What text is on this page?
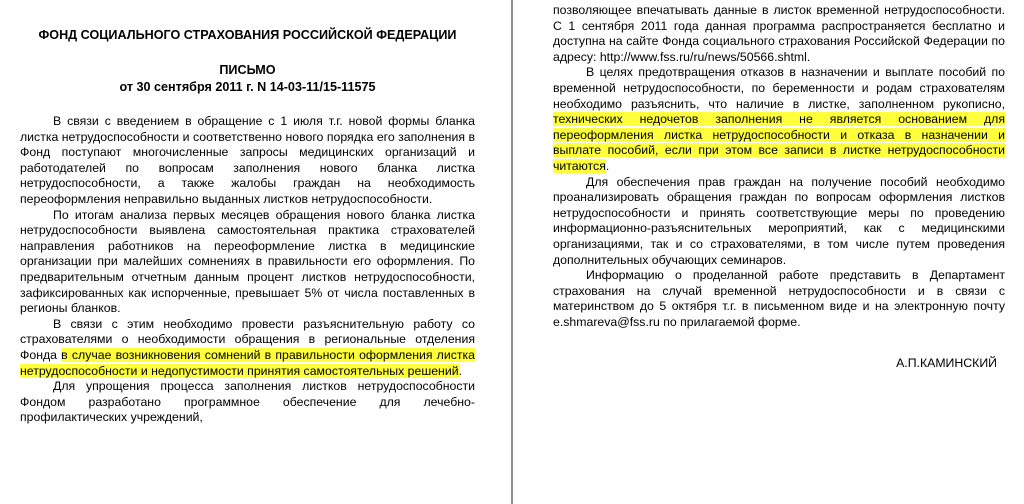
ФОНД СОЦИАЛЬНОГО СТРАХОВАНИЯ РОССИЙСКОЙ ФЕДЕРАЦИИ
ПИСЬМО
от 30 сентября 2011 г. N 14-03-11/15-11575

В связи с введением в обращение с 1 июля т.г. новой формы бланка листка нетрудоспособности и соответственно нового порядка его заполнения в Фонд поступают многочисленные запросы медицинских организаций и работодателей по вопросам заполнения нового бланка листка нетрудоспособности, а также жалобы граждан на необходимость переоформления неправильно выданных листков нетрудоспособности.

По итогам анализа первых месяцев обращения нового бланка листка нетрудоспособности выявлена самостоятельная практика страхователей направления работников на переоформление листка в медицинские организации при малейших сомнениях в правильности его оформления. По предварительным отчетным данным процент листков нетрудоспособности, зафиксированных как испорченные, превышает 5% от числа поставленных в регионы бланков.

В связи с этим необходимо провести разъяснительную работу со страхователями о необходимости обращения в региональные отделения Фонда в случае возникновения сомнений в правильности оформления листка нетрудоспособности и недопустимости принятия самостоятельных решений.

Для упрощения процесса заполнения листков нетрудоспособности Фондом разработано программное обеспечение для лечебно-профилактических учреждений,

позволяющее впечатывать данные в листок временной нетрудоспособности. С 1 сентября 2011 года данная программа распространяется бесплатно и доступна на сайте Фонда социального страхования Российской Федерации по адресу: http://www.fss.ru/ru/news/50566.shtml.

В целях предотвращения отказов в назначении и выплате пособий по временной нетрудоспособности, по беременности и родам страхователям необходимо разъяснить, что наличие в листке, заполненном рукописно, технических недочетов заполнения не является основанием для переоформления листка нетрудоспособности и отказа в назначении и выплате пособий, если при этом все записи в листке нетрудоспособности читаются.

Для обеспечения прав граждан на получение пособий необходимо проанализировать обращения граждан по вопросам оформления листков нетрудоспособности и принять соответствующие меры по проведению информационно-разъяснительных мероприятий, как с медицинскими организациями, так и со страхователями, в том числе путем проведения дополнительных обучающих семинаров.

Информацию о проделанной работе представить в Департамент страхования на случай временной нетрудоспособности и в связи с материнством до 5 октября т.г. в письменном виде и на электронную почту e.shmareva@fss.ru по прилагаемой форме.

А.П.КАМИНСКИЙ
